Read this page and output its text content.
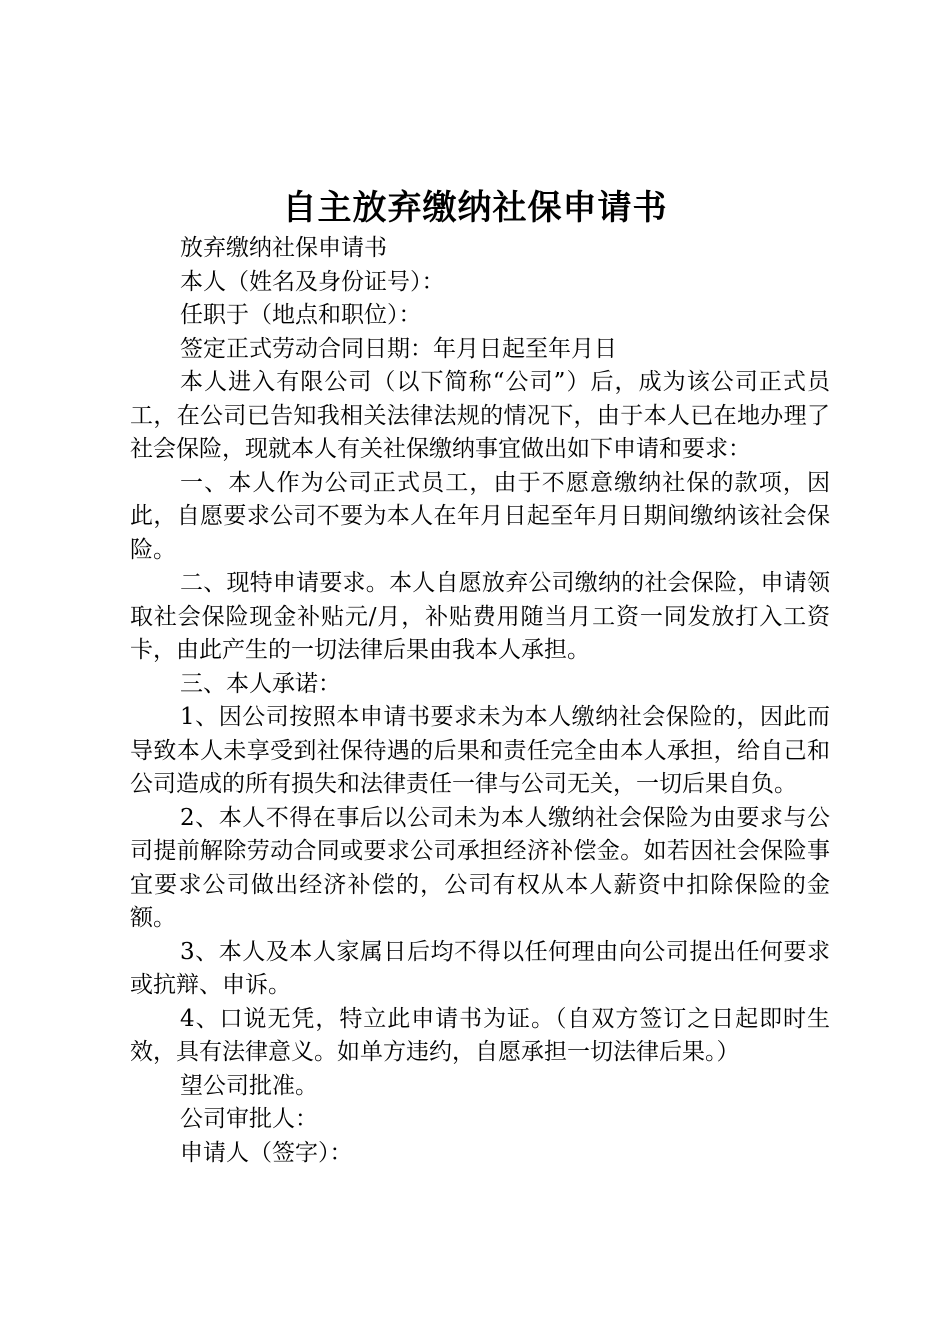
自主放弃缴纳社保申请书

放弃缴纳社保申请书

本人（姓名及身份证号）：

任职于（地点和职位）：

签定正式劳动合同日期：年月日起至年月日

本人进入有限公司（以下简称“公司”）后，成为该公司正式员工，在公司已告知我相关法律法规的情况下，由于本人已在地办理了社会保险，现就本人有关社保缴纳事宜做出如下申请和要求：

一、本人作为公司正式员工，由于不愿意缴纳社保的款项，因此，自愿要求公司不要为本人在年月日起至年月日期间缴纳该社会保险。

二、现特申请要求。本人自愿放弃公司缴纳的社会保险，申请领取社会保险现金补贴元/月，补贴费用随当月工资一同发放打入工资卡，由此产生的一切法律后果由我本人承担。

三、本人承诺：

1、因公司按照本申请书要求未为本人缴纳社会保险的，因此而导致本人未享受到社保待遇的后果和责任完全由本人承担，给自己和公司造成的所有损失和法律责任一律与公司无关，一切后果自负。

2、本人不得在事后以公司未为本人缴纳社会保险为由要求与公司提前解除劳动合同或要求公司承担经济补偿金。如若因社会保险事宜要求公司做出经济补偿的，公司有权从本人薪资中扣除保险的金额。

3、本人及本人家属日后均不得以任何理由向公司提出任何要求或抗辩、申诉。

4、口说无凭，特立此申请书为证。（自双方签订之日起即时生效，具有法律意义。如单方违约，自愿承担一切法律后果。）

望公司批准。

公司审批人：

申请人（签字）：
